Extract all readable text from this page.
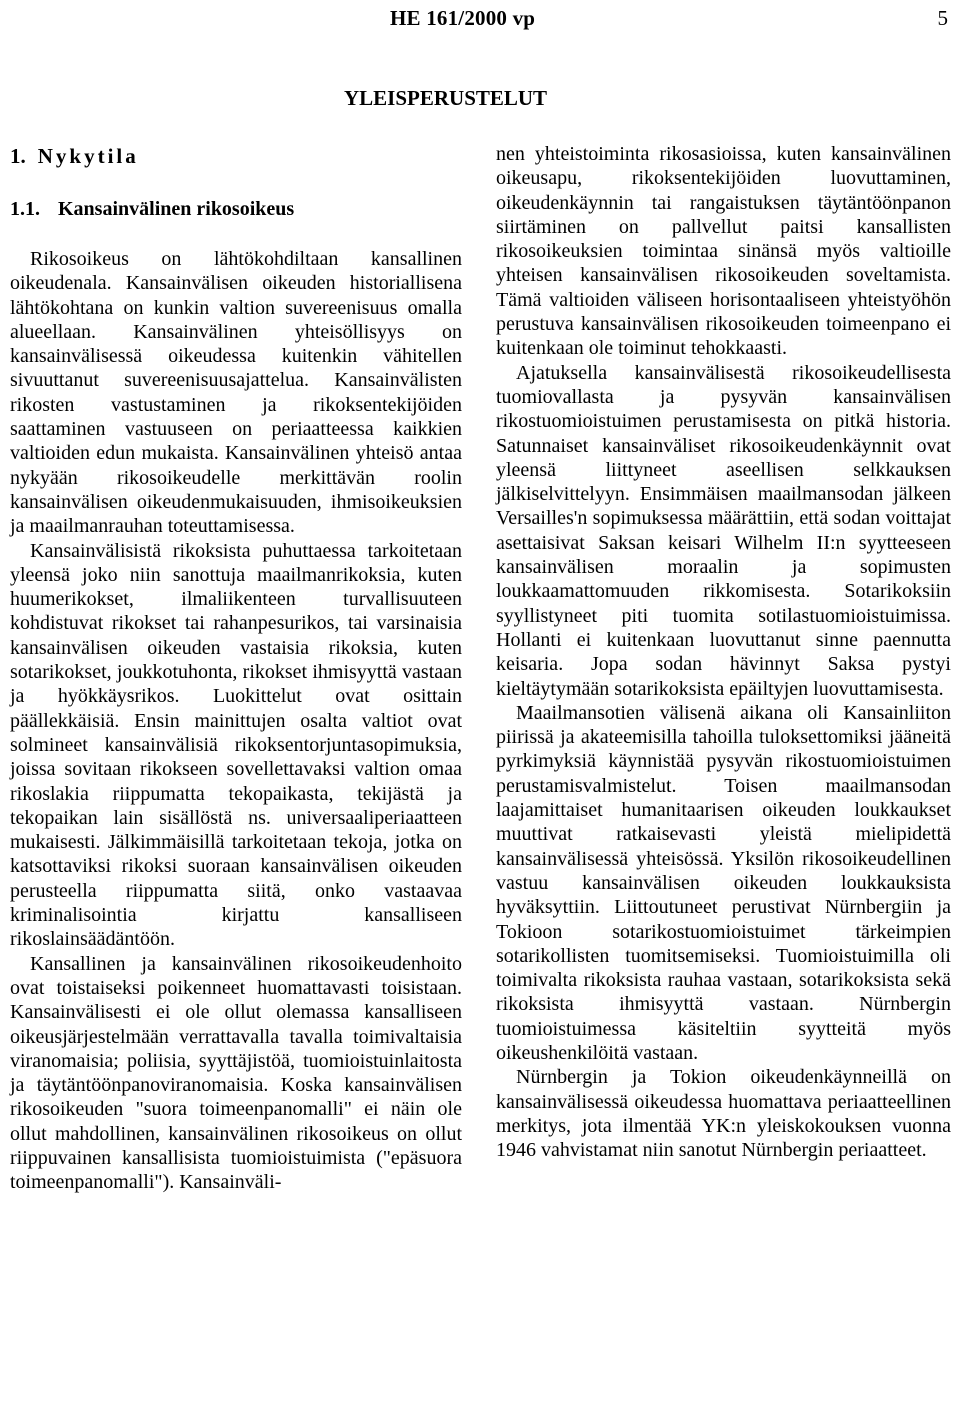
HE 161/2000 vp	5
YLEISPERUSTELUT
1. Nykytila
1.1. Kansainvälinen rikosoikeus

Rikosoikeus on lähtökohdiltaan kansallinen oikeudenala. Kansainvälisen oikeuden historiallisena lähtökohtana on kunkin valtion suvereenisuus omalla alueellaan. Kansainvälinen yhteisöllisyys on kansainvälisessä oikeudessa kuitenkin vähitellen sivuuttanut suvereenisuusajattelua. Kansainvälisten rikosten vastustaminen ja rikoksentekijöiden saattaminen vastuuseen on periaatteessa kaikkien valtioiden edun mukaista. Kansainvälinen yhteisö antaa nykyään rikosoikeudelle merkittävän roolin kansainvälisen oikeudenmukaisuuden, ihmisoikeuksien ja maailmanrauhan toteuttamisessa.

Kansainvälisistä rikoksista puhuttaessa tarkoitetaan yleensä joko niin sanottuja maailmanrikoksia, kuten huumerikokset, ilmaliikenteen turvallisuuteen kohdistuvat rikokset tai rahanpesurikos, tai varsinaisia kansainvälisen oikeuden vastaisia rikoksia, kuten sotarikokset, joukkotuhonta, rikokset ihmisyyttä vastaan ja hyökkäysrikos. Luokittelut ovat osittain päällekkäisiä. Ensin mainittujen osalta valtiot ovat solmineet kansainvälisiä rikoksentorjuntasopimuksia, joissa sovitaan rikokseen sovellettavaksi valtion omaa rikoslakia riippumatta tekopaikasta, tekijästä ja tekopaikan lain sisällöstä ns. universaaliperiaatteen mukaisesti. Jälkimmäisillä tarkoitetaan tekoja, jotka on katsottaviksi rikoksi suoraan kansainvälisen oikeuden perusteella riippumatta siitä, onko vastaavaa kriminalisointia kirjattu kansalliseen rikoslainsäädäntöön.

Kansallinen ja kansainvälinen rikosoikeudenhoito ovat toistaiseksi poikenneet huomattavasti toisistaan. Kansainvälisesti ei ole ollut olemassa kansalliseen oikeusjärjestelmään verrattavalla tavalla toimivaltaisia viranomaisia; poliisia, syyttäjistöä, tuomioistuinlaitosta ja täytäntöönpanoviranomaisia. Koska kansainvälisen rikosoikeuden "suora toimeenpanomalli" ei näin ole ollut mahdollinen, kansainvälinen rikosoikeus on ollut riippuvainen kansallisista tuomioistuimista ("epäsuora toimeenpanomalli"). Kansainväli-

nen yhteistoiminta rikosasioissa, kuten kansainvälinen oikeusapu, rikoksentekijöiden luovuttaminen, oikeudenkäynnin tai rangaistuksen täytäntöönpanon siirtäminen on pallvellut paitsi kansallisten rikosoikeuksien toimintaa sinänsä myös valtioille yhteisen kansainvälisen rikosoikeuden soveltamista. Tämä valtioiden väliseen horisontaaliseen yhteistyöhön perustuva kansainvälisen rikosoikeuden toimeenpano ei kuitenkaan ole toiminut tehokkaasti.

Ajatuksella kansainvälisestä rikosoikeudellisesta tuomiovallasta ja pysyvän kansainvälisen rikostuomioistuimen perustamisesta on pitkä historia. Satunnaiset kansainväliset rikosoikeudenkäynnit ovat yleensä liittyneet aseellisen selkkauksen jälkiselvittelyyn. Ensimmäisen maailmansodan jälkeen Versailles'n sopimuksessa määrättiin, että sodan voittajat asettaisivat Saksan keisari Wilhelm II:n syytteeseen kansainvälisen moraalin ja sopimusten loukkaamattomuuden rikkomisesta. Sotarikoksiin syyllistyneet piti tuomita sotilastuomioistuimissa. Hollanti ei kuitenkaan luovuttanut sinne paennutta keisaria. Jopa sodan hävinnyt Saksa pystyi kieltäytymään sotarikoksista epäiltyjen luovuttamisesta.

Maailmansotien välisenä aikana oli Kansainliiton piirissä ja akateemisilla tahoilla tuloksettomiksi jääneitä pyrkimyksiä käynnistää pysyvän rikostuomioistuimen perustamisvalmistelut. Toisen maailmansodan laajamittaiset humanitaarisen oikeuden loukkaukset muuttivat ratkaisevasti yleistä mielipidettä kansainvälisessä yhteisössä. Yksilön rikosoikeudellinen vastuu kansainvälisen oikeuden loukkauksista hyväksyttiin. Liittoutuneet perustivat Nürnbergiin ja Tokioon sotarikostuomioistuimet tärkeimpien sotarikollisten tuomitsemiseksi. Tuomioistuimilla oli toimivalta rikoksista rauhaa vastaan, sotarikoksista sekä rikoksista ihmisyyttä vastaan. Nürnbergin tuomioistuimessa käsiteltiin syytteitä myös oikeushenkilöitä vastaan.

Nürnbergin ja Tokion oikeudenkäynneillä on kansainvälisessä oikeudessa huomattava periaatteellinen merkitys, jota ilmentää YK:n yleiskokouksen vuonna 1946 vahvistamat niin sanotut Nürnbergin periaatteet.
